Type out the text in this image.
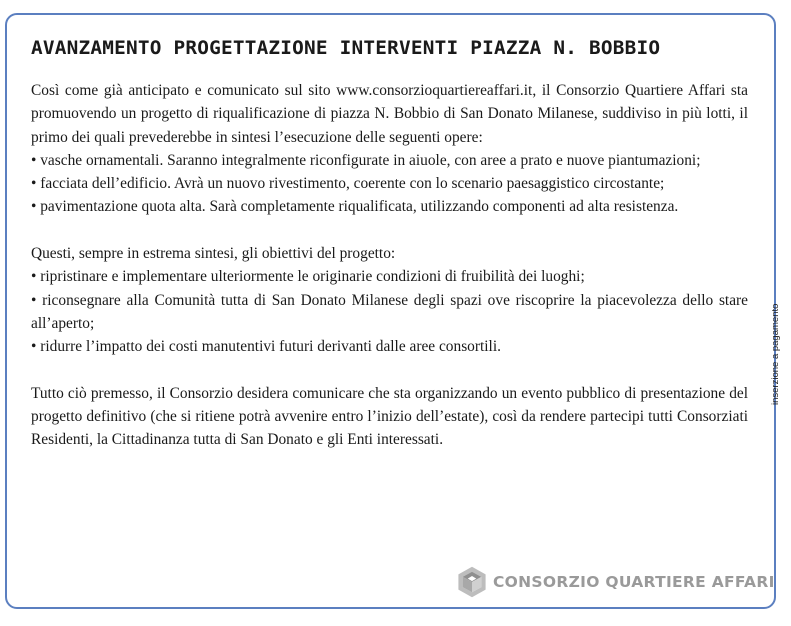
AVANZAMENTO PROGETTAZIONE INTERVENTI PIAZZA N. BOBBIO

Così come già anticipato e comunicato sul sito www.consorzioquartiereaffari.it, il Consorzio Quartiere Affari sta promuovendo un progetto di riqualificazione di piazza N. Bobbio di San Donato Milanese, suddiviso in più lotti, il primo dei quali prevederebbe in sintesi l’esecuzione delle seguenti opere:

• vasche ornamentali. Saranno integralmente riconfigurate in aiuole, con aree a prato e nuove piantumazioni;

• facciata dell’edificio. Avrà un nuovo rivestimento, coerente con lo scenario paesaggistico circostante;

• pavimentazione quota alta. Sarà completamente riqualificata, utilizzando componenti ad alta resistenza.

Questi, sempre in estrema sintesi, gli obiettivi del progetto:

• ripristinare e implementare ulteriormente le originarie condizioni di fruibilità dei luoghi;

• riconsegnare alla Comunità tutta di San Donato Milanese degli spazi ove riscoprire la piacevolezza dello stare all’aperto;

• ridurre l’impatto dei costi manutentivi futuri derivanti dalle aree consortili.

Tutto ciò premesso, il Consorzio desidera comunicare che sta organizzando un evento pubblico di presentazione del progetto definitivo (che si ritiene potrà avvenire entro l’inizio dell’estate), così da rendere partecipi tutti Consorziati Residenti, la Cittadinanza tutta di San Donato e gli Enti interessati.

inserzione a pagamento
CONSORZIO QUARTIERE AFFARI
